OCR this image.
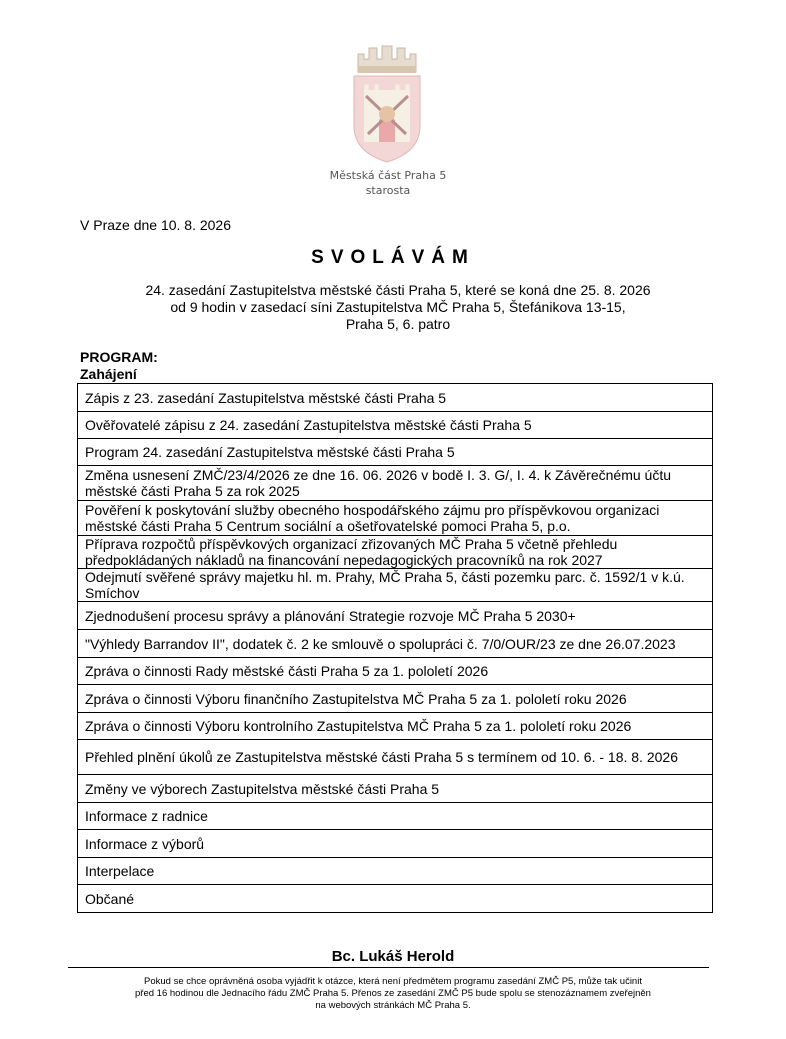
Městská část Praha 5
starosta
V Praze dne 10. 8. 2026
SVOLÁVÁM
24. zasedání Zastupitelstva městské části Praha 5, které se koná dne 25. 8. 2026
od 9 hodin v zasedací síni Zastupitelstva MČ Praha 5, Štefánikova 13-15,
Praha 5, 6. patro
PROGRAM:
Zahájení
Zápis z 23. zasedání Zastupitelstva městské části Praha 5
Ověřovatelé zápisu z 24. zasedání Zastupitelstva městské části Praha 5
Program 24. zasedání Zastupitelstva městské části Praha 5
Změna usnesení ZMČ/23/4/2026 ze dne 16. 06. 2026 v bodě I. 3. G/, I. 4. k Závěrečnému účtu městské části Praha 5 za rok 2025
Pověření k poskytování služby obecného hospodářského zájmu pro příspěvkovou organizaci městské části Praha 5 Centrum sociální a ošetřovatelské pomoci Praha 5, p.o.
Příprava rozpočtů příspěvkových organizací zřizovaných MČ Praha 5 včetně přehledu předpokládaných nákladů na financování nepedagogických pracovníků na rok 2027
Odejmutí svěřené správy majetku hl. m. Prahy, MČ Praha 5, části pozemku parc. č. 1592/1 v k.ú. Smíchov
Zjednodušení procesu správy a plánování Strategie rozvoje MČ Praha 5 2030+
"Výhledy Barrandov II", dodatek č. 2 ke smlouvě o spolupráci č. 7/0/OUR/23 ze dne 26.07.2023
Zpráva o činnosti Rady městské části Praha 5 za 1. pololetí 2026
Zpráva o činnosti Výboru finančního Zastupitelstva MČ Praha 5 za 1. pololetí roku 2026
Zpráva o činnosti Výboru kontrolního Zastupitelstva MČ Praha 5 za 1. pololetí roku 2026
Přehled plnění úkolů ze Zastupitelstva městské části Praha 5 s termínem od 10. 6. - 18. 8. 2026
Změny ve výborech Zastupitelstva městské části Praha 5
Informace z radnice
Informace z výborů
Interpelace
Občané
Bc. Lukáš Herold
Pokud se chce oprávněná osoba vyjádřit k otázce, která není předmětem programu zasedání ZMČ P5, může tak učinit
před 16 hodinou dle Jednacího řádu ZMČ Praha 5. Přenos ze zasedání ZMČ P5 bude spolu se stenozáznamem zveřejněn
na webových stránkách MČ Praha 5.
